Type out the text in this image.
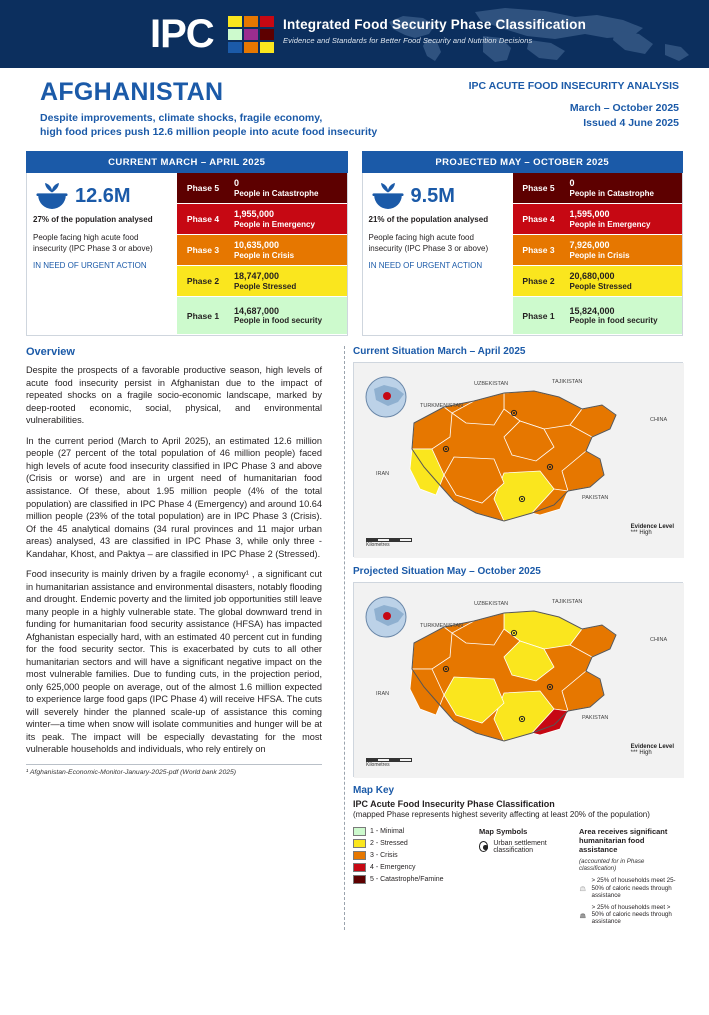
IPC	Integrated Food Security Phase Classification
Evidence and Standards for Better Food Security and Nutrition Decisions
AFGHANISTAN
Despite improvements, climate shocks, fragile economy,
high food prices push 12.6 million people into acute food insecurity
IPC ACUTE FOOD INSECURITY ANALYSIS
March – October 2025
Issued 4 June 2025
CURRENT MARCH – APRIL 2025
12.6M
27% of the population analysed
People facing high acute food insecurity (IPC Phase 3 or above)
IN NEED OF URGENT ACTION
Phase 5	0
People in Catastrophe
Phase 4	1,955,000
People in Emergency
Phase 3	10,635,000
People in Crisis
Phase 2	18,747,000
People Stressed
Phase 1	14,687,000
People in food security
PROJECTED MAY – OCTOBER 2025
9.5M
21% of the population analysed
People facing high acute food insecurity (IPC Phase 3 or above)
IN NEED OF URGENT ACTION
Phase 5	0
People in Catastrophe
Phase 4	1,595,000
People in Emergency
Phase 3	7,926,000
People in Crisis
Phase 2	20,680,000
People Stressed
Phase 1	15,824,000
People in food security
Overview

Despite the prospects of a favorable productive season, high levels of acute food insecurity persist in Afghanistan due to the impact of repeated shocks on a fragile socio-economic landscape, marked by deep-rooted economic, social, physical, and environmental vulnerabilities.

In the current period (March to April 2025), an estimated 12.6 million people (27 percent of the total population of 46 million people) faced high levels of acute food insecurity classified in IPC Phase 3 and above (Crisis or worse) and are in urgent need of humanitarian food assistance. Of these, about 1.95 million people (4% of the total population) are classified in IPC Phase 4 (Emergency) and around 10.64 million people (23% of the total population) are in IPC Phase 3 (Crisis). Of the 45 analytical domains (34 rural provinces and 11 major urban areas) analysed, 43 are classified in IPC Phase 3, while only three - Kandahar, Khost, and Paktya – are classified in IPC Phase 2 (Stressed).

Food insecurity is mainly driven by a fragile economy¹ , a significant cut in humanitarian assistance and environmental disasters, notably flooding and drought. Endemic poverty and the limited job opportunities still leave many people in a highly vulnerable state. The global downward trend in funding for humanitarian food security assistance (HFSA) has impacted Afghanistan especially hard, with an estimated 40 percent cut in funding for the food security sector. This is exacerbated by cuts to all other humanitarian sectors and will have a significant negative impact on the most vulnerable families. Due to funding cuts, in the projection period, only 625,000 people on average, out of the almost 1.6 million expected to experience large food gaps (IPC Phase 4) will receive HFSA. The cuts will severely hinder the planned scale-up of assistance this coming winter—a time when snow will isolate communities and hunger will be at its peak. The impact will be especially devastating for the most vulnerable households and individuals, who rely entirely on

¹ Afghanistan-Economic-Monitor-January-2025-pdf (World bank 2025)
Current Situation March – April 2025
UZBEKISTAN	TAJIKISTAN
TURKMENISTAN
CHINA
IRAN
PAKISTAN
Evidence Level
*** High
Kilometres
Projected Situation May – October 2025
UZBEKISTAN	TAJIKISTAN
TURKMENISTAN
CHINA
IRAN
PAKISTAN
Evidence Level
*** High
Kilometres
Map Key
IPC Acute Food Insecurity Phase Classification
(mapped Phase represents highest severity affecting at least 20% of the population)
1 - Minimal
2 - Stressed
3 - Crisis
4 - Emergency
5 - Catastrophe/Famine
Map Symbols
Urban settlement classification
Area receives significant humanitarian food assistance
(accounted for in Phase classification)
> 25% of households meet 25-50% of caloric needs through assistance
> 25% of households meet > 50% of caloric needs through assistance
